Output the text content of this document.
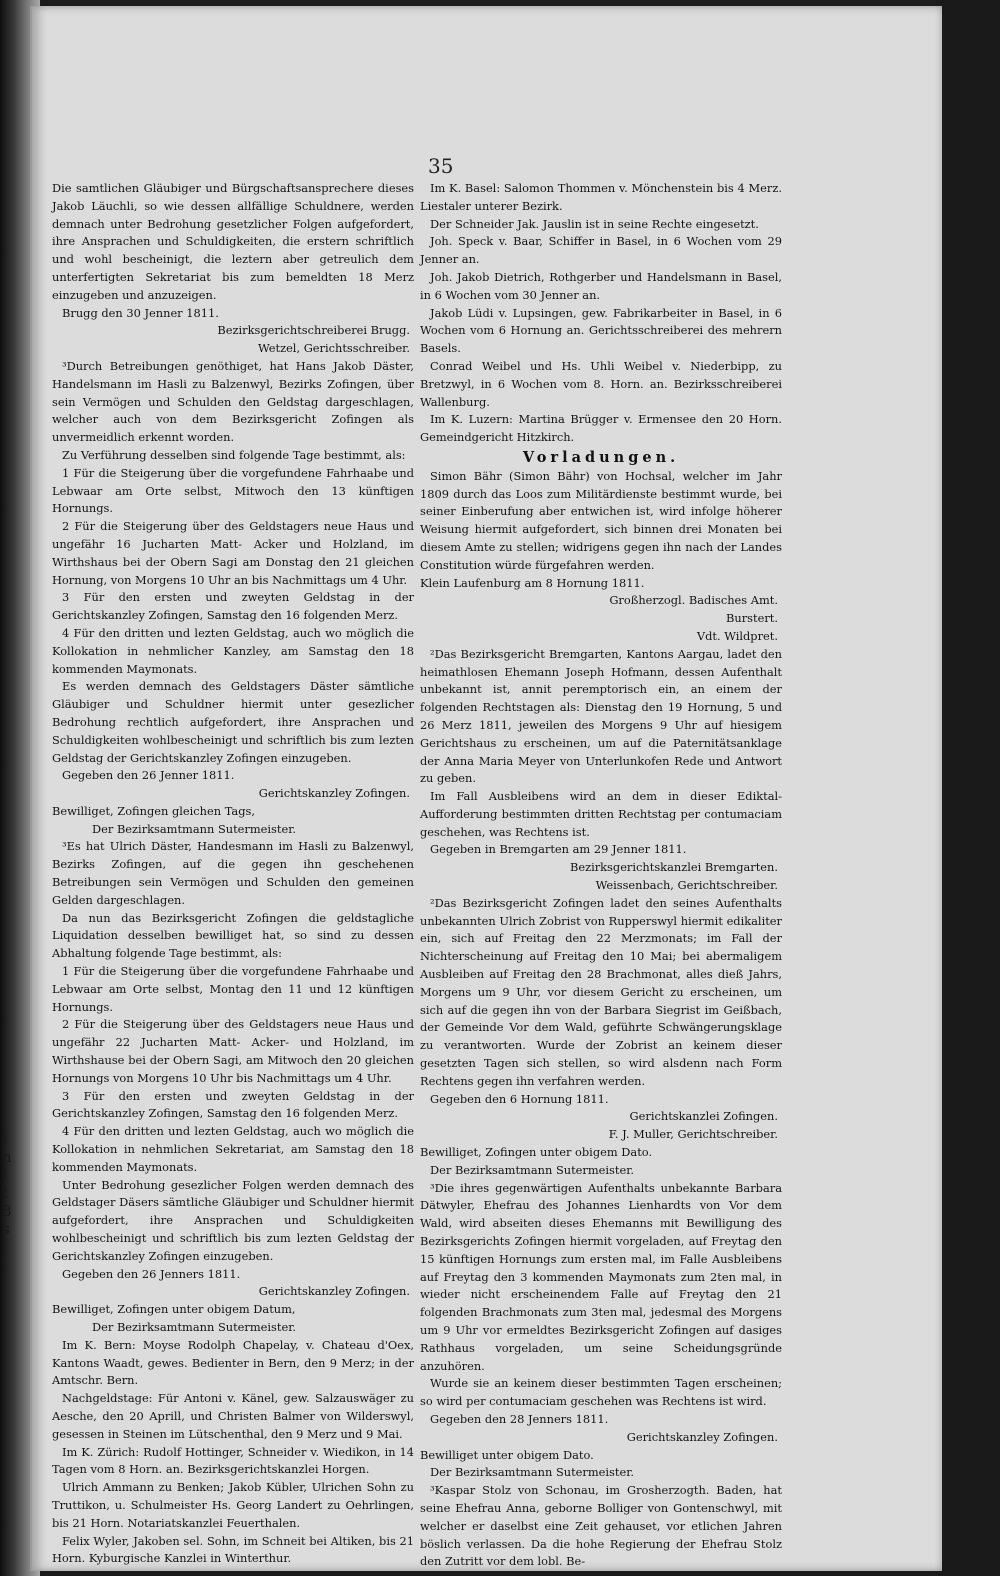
i
n
I
t
8
s
i
35

Die samtlichen Gläubiger und Bürgschaftsansprechere dieses Jakob Läuchli, so wie dessen allfällige Schuldnere, werden demnach unter Bedrohung gesetzlicher Folgen aufgefordert, ihre Ansprachen und Schuldigkeiten, die erstern schriftlich und wohl bescheinigt, die leztern aber getreulich dem unterfertigten Sekretariat bis zum bemeldten 18 Merz einzugeben und anzuzeigen.

Brugg den 30 Jenner 1811.

Bezirksgerichtschreiberei Brugg.

Wetzel, Gerichtsschreiber.

³Durch Betreibungen genöthiget, hat Hans Jakob Däster, Handelsmann im Hasli zu Balzenwyl, Bezirks Zofingen, über sein Vermögen und Schulden den Geldstag dargeschlagen, welcher auch von dem Bezirksgericht Zofingen als unvermeidlich erkennt worden.

Zu Verführung desselben sind folgende Tage bestimmt, als:

1 Für die Steigerung über die vorgefundene Fahrhaabe und Lebwaar am Orte selbst, Mitwoch den 13 künftigen Hornungs.

2 Für die Steigerung über des Geldstagers neue Haus und ungefähr 16 Jucharten Matt- Acker und Holzland, im Wirthshaus bei der Obern Sagi am Donstag den 21 gleichen Hornung, von Morgens 10 Uhr an bis Nachmittags um 4 Uhr.

3 Für den ersten und zweyten Geldstag in der Gerichtskanzley Zofingen, Samstag den 16 folgenden Merz.

4 Für den dritten und lezten Geldstag, auch wo möglich die Kollokation in nehmlicher Kanzley, am Samstag den 18 kommenden Maymonats.

Es werden demnach des Geldstagers Däster sämtliche Gläubiger und Schuldner hiermit unter gesezlicher Bedrohung rechtlich aufgefordert, ihre Ansprachen und Schuldigkeiten wohlbescheinigt und schriftlich bis zum lezten Geldstag der Gerichtskanzley Zofingen einzugeben.

Gegeben den 26 Jenner 1811.

Gerichtskanzley Zofingen.

Bewilliget, Zofingen gleichen Tags,

Der Bezirksamtmann Sutermeister.

³Es hat Ulrich Däster, Handesmann im Hasli zu Balzenwyl, Bezirks Zofingen, auf die gegen ihn geschehenen Betreibungen sein Vermögen und Schulden den gemeinen Gelden dargeschlagen.

Da nun das Bezirksgericht Zofingen die geldstagliche Liquidation desselben bewilliget hat, so sind zu dessen Abhaltung folgende Tage bestimmt, als:

1 Für die Steigerung über die vorgefundene Fahrhaabe und Lebwaar am Orte selbst, Montag den 11 und 12 künftigen Hornungs.

2 Für die Steigerung über des Geldstagers neue Haus und ungefähr 22 Jucharten Matt- Acker- und Holzland, im Wirthshause bei der Obern Sagi, am Mitwoch den 20 gleichen Hornungs von Morgens 10 Uhr bis Nachmittags um 4 Uhr.

3 Für den ersten und zweyten Geldstag in der Gerichtskanzley Zofingen, Samstag den 16 folgenden Merz.

4 Für den dritten und lezten Geldstag, auch wo möglich die Kollokation in nehmlichen Sekretariat, am Samstag den 18 kommenden Maymonats.

Unter Bedrohung gesezlicher Folgen werden demnach des Geldstager Däsers sämtliche Gläubiger und Schuldner hiermit aufgefordert, ihre Ansprachen und Schuldigkeiten wohlbescheinigt und schriftlich bis zum lezten Geldstag der Gerichtskanzley Zofingen einzugeben.

Gegeben den 26 Jenners 1811.

Gerichtskanzley Zofingen.

Bewilliget, Zofingen unter obigem Datum,

Der Bezirksamtmann Sutermeister.

Im K. Bern: Moyse Rodolph Chapelay, v. Chateau d'Oex, Kantons Waadt, gewes. Bedienter in Bern, den 9 Merz; in der Amtschr. Bern.

Nachgeldstage: Für Antoni v. Känel, gew. Salzauswäger zu Aesche, den 20 Aprill, und Christen Balmer von Wilderswyl, gesessen in Steinen im Lütschenthal, den 9 Merz und 9 Mai.

Im K. Zürich: Rudolf Hottinger, Schneider v. Wiedikon, in 14 Tagen vom 8 Horn. an. Bezirksgerichtskanzlei Horgen.

Ulrich Ammann zu Benken; Jakob Kübler, Ulrichen Sohn zu Truttikon, u. Schulmeister Hs. Georg Landert zu Oehrlingen, bis 21 Horn. Notariatskanzlei Feuerthalen.

Felix Wyler, Jakoben sel. Sohn, im Schneit bei Altiken, bis 21 Horn. Kyburgische Kanzlei in Winterthur.

Im K. Basel: Salomon Thommen v. Mönchenstein bis 4 Merz. Liestaler unterer Bezirk.

Der Schneider Jak. Jauslin ist in seine Rechte eingesetzt.

Joh. Speck v. Baar, Schiffer in Basel, in 6 Wochen vom 29 Jenner an.

Joh. Jakob Dietrich, Rothgerber und Handelsmann in Basel, in 6 Wochen vom 30 Jenner an.

Jakob Lüdi v. Lupsingen, gew. Fabrikarbeiter in Basel, in 6 Wochen vom 6 Hornung an. Gerichtsschreiberei des mehrern Basels.

Conrad Weibel und Hs. Uhli Weibel v. Niederbipp, zu Bretzwyl, in 6 Wochen vom 8. Horn. an. Bezirksschreiberei Wallenburg.

Im K. Luzern: Martina Brügger v. Ermensee den 20 Horn. Gemeindgericht Hitzkirch.

Vorladungen.

Simon Bähr (Simon Bähr) von Hochsal, welcher im Jahr 1809 durch das Loos zum Militärdienste bestimmt wurde, bei seiner Einberufung aber entwichen ist, wird infolge höherer Weisung hiermit aufgefordert, sich binnen drei Monaten bei diesem Amte zu stellen; widrigens gegen ihn nach der Landes Constitution würde fürgefahren werden.

Klein Laufenburg am 8 Hornung 1811.

Großherzogl. Badisches Amt.

Burstert.

Vdt. Wildpret.

²Das Bezirksgericht Bremgarten, Kantons Aargau, ladet den heimathlosen Ehemann Joseph Hofmann, dessen Aufenthalt unbekannt ist, annit peremptorisch ein, an einem der folgenden Rechtstagen als: Dienstag den 19 Hornung, 5 und 26 Merz 1811, jeweilen des Morgens 9 Uhr auf hiesigem Gerichtshaus zu erscheinen, um auf die Paternitätsanklage der Anna Maria Meyer von Unterlunkofen Rede und Antwort zu geben.

Im Fall Ausbleibens wird an dem in dieser Ediktal-Aufforderung bestimmten dritten Rechtstag per contumaciam geschehen, was Rechtens ist.

Gegeben in Bremgarten am 29 Jenner 1811.

Bezirksgerichtskanzlei Bremgarten.

Weissenbach, Gerichtschreiber.

²Das Bezirksgericht Zofingen ladet den seines Aufenthalts unbekannten Ulrich Zobrist von Rupperswyl hiermit edikaliter ein, sich auf Freitag den 22 Merzmonats; im Fall der Nichterscheinung auf Freitag den 10 Mai; bei abermaligem Ausbleiben auf Freitag den 28 Brachmonat, alles dieß Jahrs, Morgens um 9 Uhr, vor diesem Gericht zu erscheinen, um sich auf die gegen ihn von der Barbara Siegrist im Geißbach, der Gemeinde Vor dem Wald, geführte Schwängerungsklage zu verantworten. Wurde der Zobrist an keinem dieser gesetzten Tagen sich stellen, so wird alsdenn nach Form Rechtens gegen ihn verfahren werden.

Gegeben den 6 Hornung 1811.

Gerichtskanzlei Zofingen.

F. J. Muller, Gerichtschreiber.

Bewilliget, Zofingen unter obigem Dato.

Der Bezirksamtmann Sutermeister.

³Die ihres gegenwärtigen Aufenthalts unbekannte Barbara Dätwyler, Ehefrau des Johannes Lienhardts von Vor dem Wald, wird abseiten dieses Ehemanns mit Bewilligung des Bezirksgerichts Zofingen hiermit vorgeladen, auf Freytag den 15 künftigen Hornungs zum ersten mal, im Falle Ausbleibens auf Freytag den 3 kommenden Maymonats zum 2ten mal, in wieder nicht erscheinendem Falle auf Freytag den 21 folgenden Brachmonats zum 3ten mal, jedesmal des Morgens um 9 Uhr vor ermeldtes Bezirksgericht Zofingen auf dasiges Rathhaus vorgeladen, um seine Scheidungsgründe anzuhören.

Wurde sie an keinem dieser bestimmten Tagen erscheinen; so wird per contumaciam geschehen was Rechtens ist wird.

Gegeben den 28 Jenners 1811.

Gerichtskanzley Zofingen.

Bewilliget unter obigem Dato.

Der Bezirksamtmann Sutermeister.

³Kaspar Stolz von Schonau, im Grosherzogth. Baden, hat seine Ehefrau Anna, geborne Bolliger von Gontenschwyl, mit welcher er daselbst eine Zeit gehauset, vor etlichen Jahren böslich verlassen. Da die hohe Regierung der Ehefrau Stolz den Zutritt vor dem lobl. Be-
